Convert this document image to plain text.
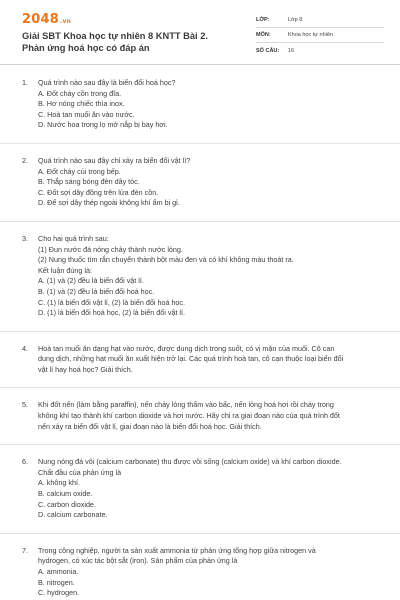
2048.vn
Giải SBT Khoa học tự nhiên 8 KNTT Bài 2. Phản ứng hoá học có đáp án
LỚP:	Lớp 8
MÔN:	Khoa học tự nhiên
SỐ CÂU:	16
1. Quá trình nào sau đây là biến đổi hoá học?
A. Đốt cháy cồn trong đĩa.
B. Hơ nóng chiếc thìa inox.
C. Hoà tan muối ăn vào nước.
D. Nước hoa trong lọ mở nắp bị bay hơi.
2. Quá trình nào sau đây chỉ xảy ra biến đổi vật lí?
A. Đốt cháy củi trong bếp.
B. Thắp sáng bóng đèn dây tóc.
C. Đốt sợi dây đồng trên lửa đèn cồn.
D. Để sợi dây thép ngoài không khí ẩm bị gỉ.
3. Cho hai quá trình sau:
(1) Đun nước đá nóng chảy thành nước lỏng.
(2) Nung thuốc tím rắn chuyển thành bột màu đen và có khí không màu thoát ra.
Kết luận đúng là:
A. (1) và (2) đều là biến đổi vật lí.
B. (1) và (2) đều là biến đổi hoá học.
C. (1) là biến đổi vật lí, (2) là biến đổi hoá học.
D. (1) là biến đổi hoá học, (2) là biến đổi vật lí.
4. Hoà tan muối ăn dạng hạt vào nước, được dung dịch trong suốt, có vị mặn của muối. Cô can
dung dịch, những hạt muối ăn xuất hiện trở lại. Các quá trình hoà tan, cô cạn thuộc loại biến đổi
vật lí hay hoá học? Giải thích.
5. Khi đốt nến (làm bằng paraffin), nến chảy lỏng thấm vào bấc, nến lỏng hoá hơi rồi cháy trong
không khí tạo thành khí carbon dioxide và hơi nước. Hãy chỉ ra giai đoạn nào của quá trình đốt
nến xảy ra biến đổi vật lí, giai đoạn nào là biến đổi hoá học. Giải thích.
6. Nung nóng đá vôi (calcium carbonate) thu được vôi sống (calcium oxide) và khí carbon dioxide.
Chất đầu của phản ứng là
A. không khí.
B. calcium oxide.
C. carbon dioxide.
D. calcium carbonate.
7. Trong công nghiệp, người ta sản xuất ammonia từ phản ứng tổng hợp giữa nitrogen và
hydrogen, có xúc tác bột sắt (iron). Sản phẩm của phản ứng là
A. ammonia.
B. nitrogen.
C. hydrogen.
